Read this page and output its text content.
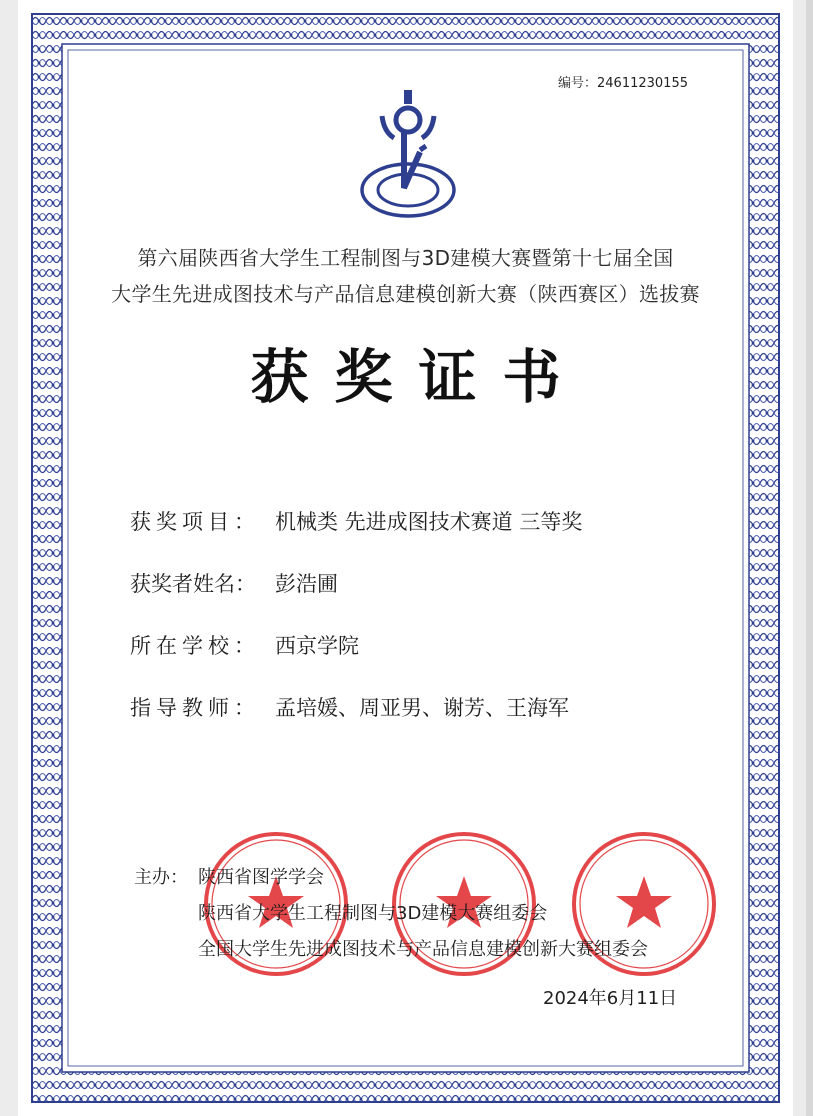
编号：24611230155
第六届陕西省大学生工程制图与3D建模大赛暨第十七届全国
大学生先进成图技术与产品信息建模创新大赛（陕西赛区）选拔赛
获奖证书
获奖项目： 机械类 先进成图技术赛道 三等奖
获奖者姓名： 彭浩圃
所在学校： 西京学院
指导教师： 孟培媛、周亚男、谢芳、王海军
主办： 陕西省图学学会
陕西省大学生工程制图与3D建模大赛组委会
全国大学生先进成图技术与产品信息建模创新大赛组委会
2024年6月11日
